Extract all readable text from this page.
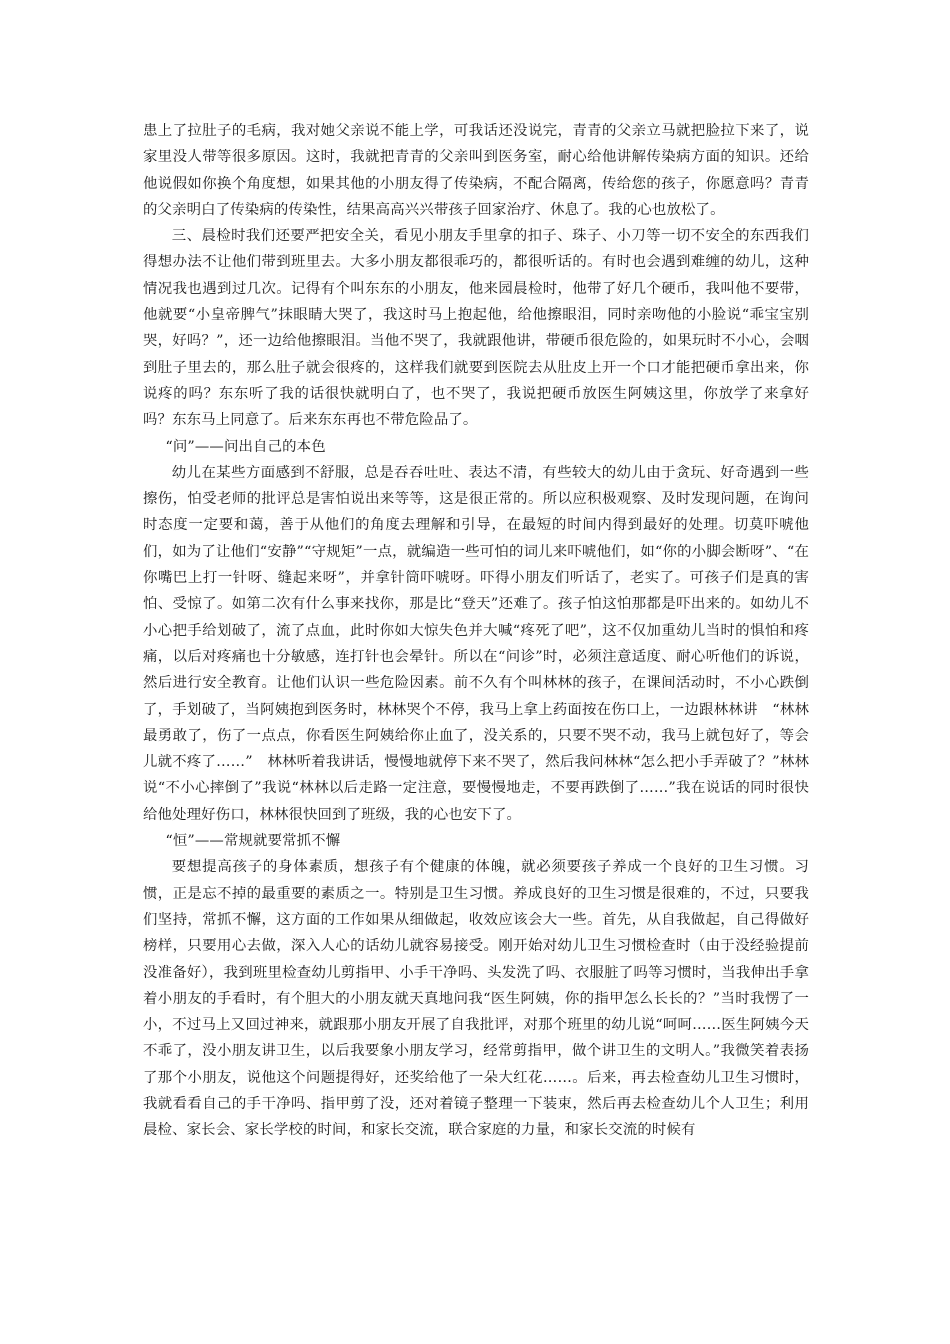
患上了拉肚子的毛病，我对她父亲说不能上学，可我话还没说完，青青的父亲立马就把脸拉下来了，说家里没人带等很多原因。这时，我就把青青的父亲叫到医务室，耐心给他讲解传染病方面的知识。还给他说假如你换个角度想，如果其他的小朋友得了传染病，不配合隔离，传给您的孩子，你愿意吗？青青的父亲明白了传染病的传染性，结果高高兴兴带孩子回家治疗、休息了。我的心也放松了。

三、晨检时我们还要严把安全关，看见小朋友手里拿的扣子、珠子、小刀等一切不安全的东西我们得想办法不让他们带到班里去。大多小朋友都很乖巧的，都很听话的。有时也会遇到难缠的幼儿，这种情况我也遇到过几次。记得有个叫东东的小朋友，他来园晨检时，他带了好几个硬币，我叫他不要带，他就要“小皇帝脾气”抹眼睛大哭了，我这时马上抱起他，给他擦眼泪，同时亲吻他的小脸说“乖宝宝别哭，好吗？”，还一边给他擦眼泪。当他不哭了，我就跟他讲，带硬币很危险的，如果玩时不小心，会咽到肚子里去的，那么肚子就会很疼的，这样我们就要到医院去从肚皮上开一个口才能把硬币拿出来，你说疼的吗？东东听了我的话很快就明白了，也不哭了，我说把硬币放医生阿姨这里，你放学了来拿好吗？东东马上同意了。后来东东再也不带危险品了。

“问”——问出自己的本色

幼儿在某些方面感到不舒服，总是吞吞吐吐、表达不清，有些较大的幼儿由于贪玩、好奇遇到一些擦伤，怕受老师的批评总是害怕说出来等等，这是很正常的。所以应积极观察、及时发现问题，在询问时态度一定要和蔼，善于从他们的角度去理解和引导，在最短的时间内得到最好的处理。切莫吓唬他们，如为了让他们“安静”“守规矩”一点，就编造一些可怕的词儿来吓唬他们，如“你的小脚会断呀”、“在你嘴巴上打一针呀、缝起来呀”，并拿针筒吓唬呀。吓得小朋友们听话了，老实了。可孩子们是真的害怕、受惊了。如第二次有什么事来找你，那是比“登天”还难了。孩子怕这怕那都是吓出来的。如幼儿不小心把手给划破了，流了点血，此时你如大惊失色并大喊“疼死了吧”，这不仅加重幼儿当时的惧怕和疼痛，以后对疼痛也十分敏感，连打针也会晕针。所以在“问诊”时，必须注意适度、耐心听他们的诉说，然后进行安全教育。让他们认识一些危险因素。前不久有个叫林林的孩子，在课间活动时，不小心跌倒了，手划破了，当阿姨抱到医务时，林林哭个不停，我马上拿上药面按在伤口上，一边跟林林讲　“林林最勇敢了，伤了一点点，你看医生阿姨给你止血了，没关系的，只要不哭不动，我马上就包好了，等会儿就不疼了……”　林林听着我讲话，慢慢地就停下来不哭了，然后我问林林“怎么把小手弄破了？”林林说“不小心摔倒了”我说“林林以后走路一定注意，要慢慢地走，不要再跌倒了……”我在说话的同时很快给他处理好伤口，林林很快回到了班级，我的心也安下了。

“恒”——常规就要常抓不懈

要想提高孩子的身体素质，想孩子有个健康的体魄，就必须要孩子养成一个良好的卫生习惯。习惯，正是忘不掉的最重要的素质之一。特别是卫生习惯。养成良好的卫生习惯是很难的，不过，只要我们坚持，常抓不懈，这方面的工作如果从细做起，收效应该会大一些。首先，从自我做起，自己得做好榜样，只要用心去做，深入人心的话幼儿就容易接受。刚开始对幼儿卫生习惯检查时（由于没经验提前没准备好），我到班里检查幼儿剪指甲、小手干净吗、头发洗了吗、衣服脏了吗等习惯时，当我伸出手拿着小朋友的手看时，有个胆大的小朋友就天真地问我“医生阿姨，你的指甲怎么长长的？”当时我愣了一小，不过马上又回过神来，就跟那小朋友开展了自我批评，对那个班里的幼儿说“呵呵……医生阿姨今天不乖了，没小朋友讲卫生，以后我要象小朋友学习，经常剪指甲，做个讲卫生的文明人。”我微笑着表扬了那个小朋友，说他这个问题提得好，还奖给他了一朵大红花……。后来，再去检查幼儿卫生习惯时，我就看看自己的手干净吗、指甲剪了没，还对着镜子整理一下装束，然后再去检查幼儿个人卫生；利用晨检、家长会、家长学校的时间，和家长交流，联合家庭的力量，和家长交流的时候有
